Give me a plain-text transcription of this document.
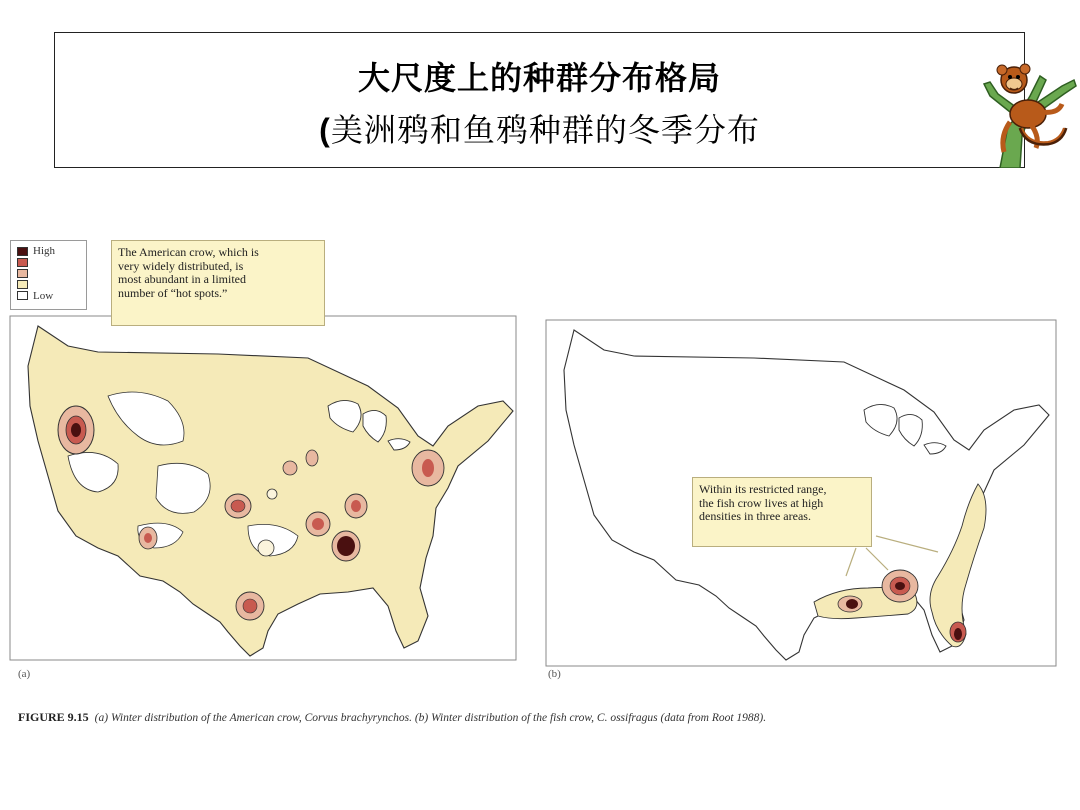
大尺度上的种群分布格局
(美洲鸦和鱼鸦种群的冬季分布
High
Low
The American crow, which is
very widely distributed, is
most abundant in a limited
number of “hot spots.”
Within its restricted range,
the fish crow lives at high
densities in three areas.
(a)	(b)
FIGURE 9.15 (a) Winter distribution of the American crow, Corvus brachyrynchos. (b) Winter distribution of the fish crow, C. ossifragus (data from Root 1988).
